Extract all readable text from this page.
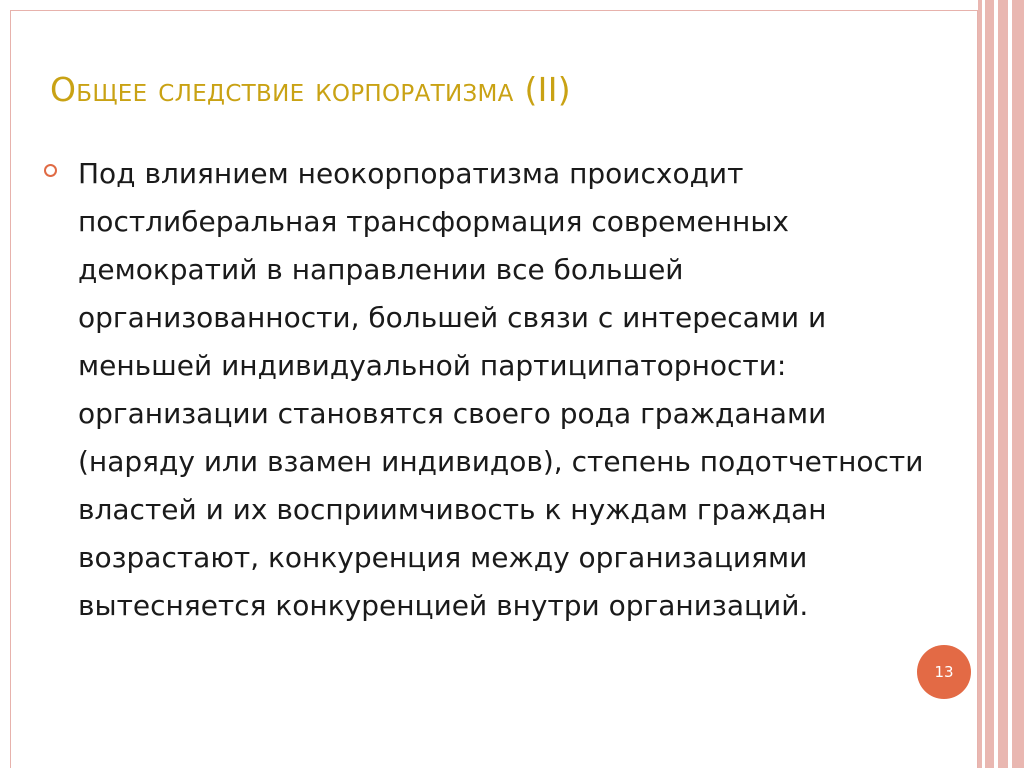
Общее следствие корпоратизма (II)

Под влиянием неокорпоратизма происходит постлиберальная трансформация современных демократий в направлении все большей организованности, большей связи с интересами и меньшей индивидуальной партиципаторности: организации становятся своего рода гражданами (наряду или взамен индивидов), степень подотчетности властей и их восприимчивость к нуждам граждан возрастают, конкуренция между организациями вытесняется конкуренцией внутри организаций.

13
